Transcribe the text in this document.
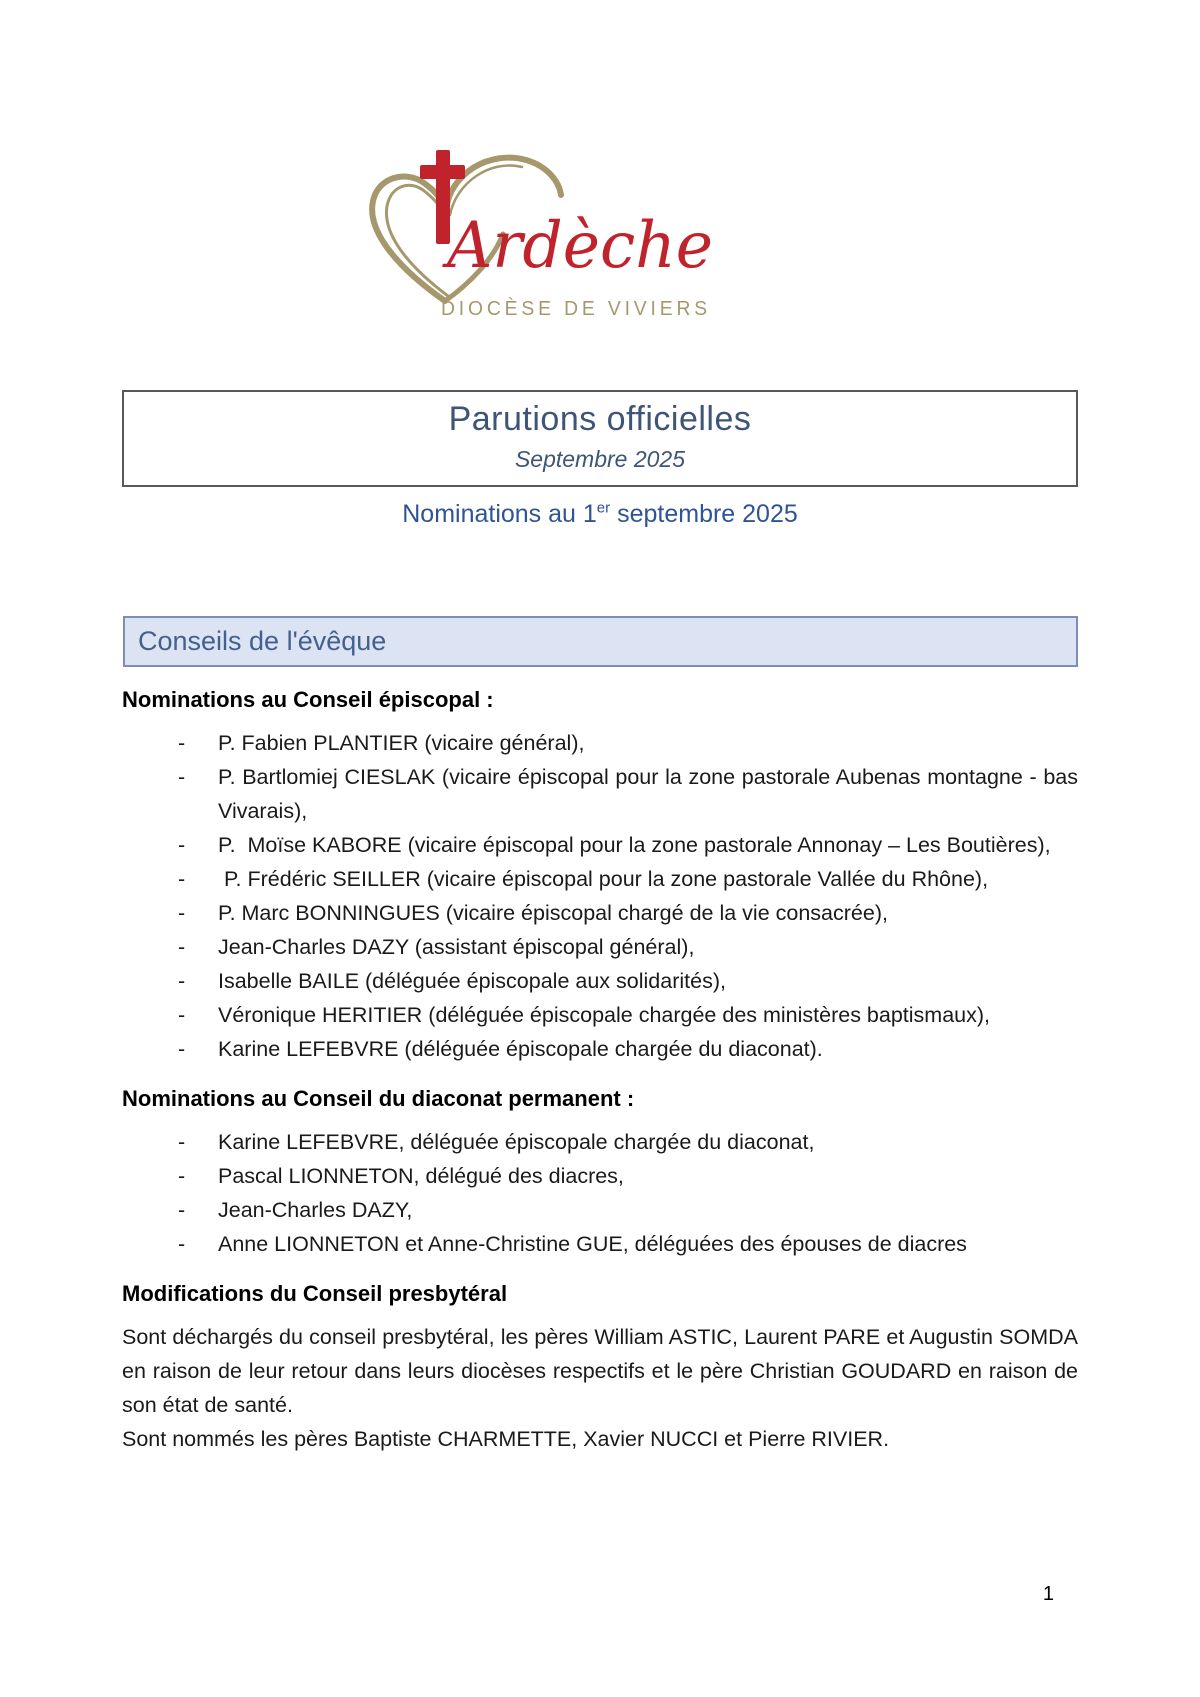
Ardèche
DIOCÈSE DE VIVIERS
Parutions officielles
Septembre 2025
Nominations au 1er septembre 2025
Conseils de l'évêque
Nominations au Conseil épiscopal :
- P. Fabien PLANTIER (vicaire général),
- P. Bartlomiej CIESLAK (vicaire épiscopal pour la zone pastorale Aubenas montagne - bas Vivarais),
- P.  Moïse KABORE (vicaire épiscopal pour la zone pastorale Annonay – Les Boutières),
- P. Frédéric SEILLER (vicaire épiscopal pour la zone pastorale Vallée du Rhône),
- P. Marc BONNINGUES (vicaire épiscopal chargé de la vie consacrée),
- Jean-Charles DAZY (assistant épiscopal général),
- Isabelle BAILE (déléguée épiscopale aux solidarités),
- Véronique HERITIER (déléguée épiscopale chargée des ministères baptismaux),
- Karine LEFEBVRE (déléguée épiscopale chargée du diaconat).
Nominations au Conseil du diaconat permanent :
- Karine LEFEBVRE, déléguée épiscopale chargée du diaconat,
- Pascal LIONNETON, délégué des diacres,
- Jean-Charles DAZY,
- Anne LIONNETON et Anne-Christine GUE, déléguées des épouses de diacres
Modifications du Conseil presbytéral

Sont déchargés du conseil presbytéral, les pères William ASTIC, Laurent PARE et Augustin SOMDA en raison de leur retour dans leurs diocèses respectifs et le père Christian GOUDARD en raison de son état de santé.

Sont nommés les pères Baptiste CHARMETTE, Xavier NUCCI et Pierre RIVIER.

1
